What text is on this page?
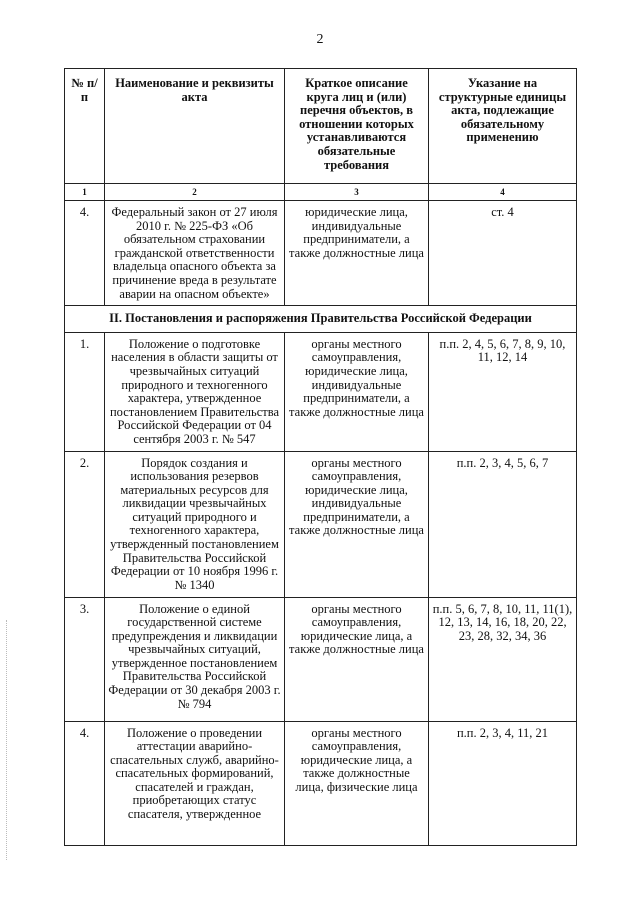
2
№ п/п	Наименование и реквизиты акта	Краткое описание круга лиц и (или) перечня объектов, в отношении которых устанавливаются обязательные требования	Указание на структурные единицы акта, подлежащие обязательному применению
1	2	3	4
4.	Федеральный закон от 27 июля 2010 г. № 225-ФЗ «Об обязательном страховании гражданской ответственности владельца опасного объекта за причинение вреда в результате аварии на опасном объекте»	юридические лица, индивидуальные предприниматели, а также должностные лица	ст. 4
II. Постановления и распоряжения Правительства Российской Федерации			
1.	Положение о подготовке населения в области защиты от чрезвычайных ситуаций природного и техногенного характера, утвержденное постановлением Правительства Российской Федерации от 04 сентября 2003 г. № 547	органы местного самоуправления, юридические лица, индивидуальные предприниматели, а также должностные лица	п.п. 2, 4, 5, 6, 7, 8, 9, 10, 11, 12, 14
2.	Порядок создания и использования резервов материальных ресурсов для ликвидации чрезвычайных ситуаций природного и техногенного характера, утвержденный постановлением Правительства Российской Федерации от 10 ноября 1996 г. № 1340	органы местного самоуправления, юридические лица, индивидуальные предприниматели, а также должностные лица	п.п. 2, 3, 4, 5, 6, 7
3.	Положение о единой государственной системе предупреждения и ликвидации чрезвычайных ситуаций, утвержденное постановлением Правительства Российской Федерации от 30 декабря 2003 г. № 794	органы местного самоуправления, юридические лица, а также должностные лица	п.п. 5, 6, 7, 8, 10, 11, 11(1), 12, 13, 14, 16, 18, 20, 22, 23, 28, 32, 34, 36
4.	Положение о проведении аттестации аварийно-спасательных служб, аварийно-спасательных формирований, спасателей и граждан, приобретающих статус спасателя, утвержденное	органы местного самоуправления, юридические лица, а также должностные лица, физические лица	п.п. 2, 3, 4, 11, 21
